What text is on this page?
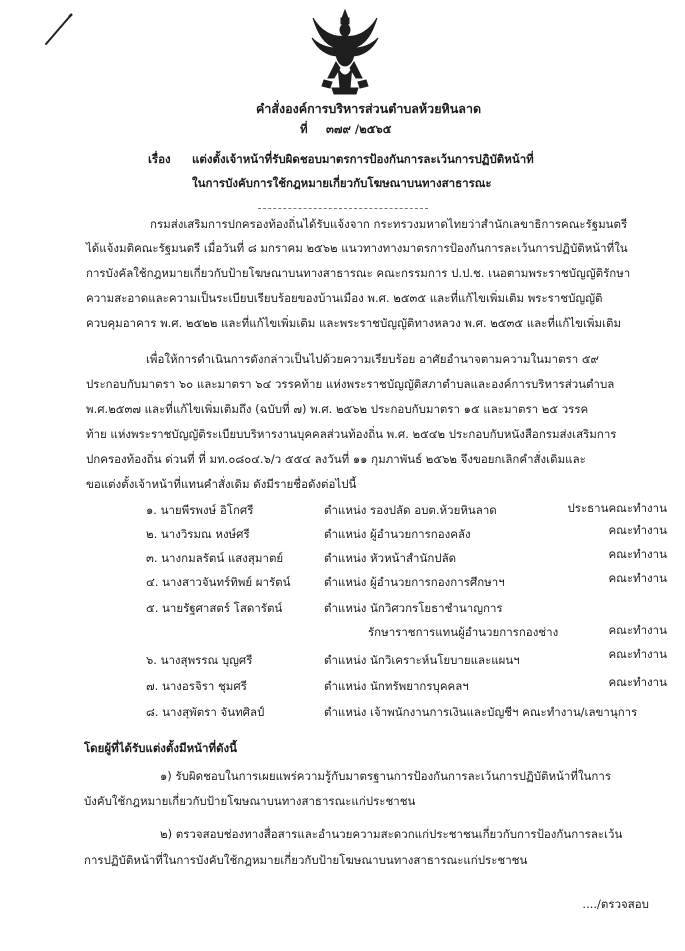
คำสั่งองค์การบริหารส่วนตำบลห้วยหินลาด
ที่ ๓๗๙ /๒๕๖๕
เรื่อง แต่งตั้งเจ้าหน้าที่รับผิดชอบมาตรการป้องกันการละเว้นการปฏิบัติหน้าที่
ในการบังคับการใช้กฎหมายเกี่ยวกับโฆษณาบนทางสาธารณะ
กรมส่งเสริมการปกครองท้องถิ่นได้รับแจ้งจาก กระทรวงมหาดไทยว่าสำนักเลขาธิการคณะรัฐมนตรี
ได้แจ้งมติคณะรัฐมนตรี เมื่อวันที่ ๘ มกราคม ๒๕๖๒ แนวทางทางมาตรการป้องกันการละเว้นการปฏิบัติหน้าที่ใน
การบังคัลใช้กฎหมายเกี่ยวกับป้ายโฆษณาบนทางสาธารณะ คณะกรรมการ ป.ป.ช. เนอตามพระราชบัญญัติรักษา
ความสะอาดและความเป็นระเบียบเรียบร้อยของบ้านเมือง พ.ศ. ๒๕๓๕ และที่แก้ไขเพิ่มเติม พระราชบัญญัติ
ควบคุมอาคาร พ.ศ. ๒๕๒๒ และที่แก้ไขเพิ่มเติม และพระราชบัญญัติทางหลวง พ.ศ. ๒๕๓๕ และที่แก้ไขเพิ่มเติม
เพื่อให้การดำเนินการดังกล่าวเป็นไปด้วยความเรียบร้อย อาศัยอำนาจตามความในมาตรา ๕๙
ประกอบกับมาตรา ๖๐ และมาตรา ๖๔ วรรคท้าย แห่งพระราชบัญญัติสภาตำบลและองค์การบริหารส่วนตำบล
พ.ศ.๒๕๓๗ และที่แก้ไขเพิ่มเติมถึง (ฉบับที่ ๗) พ.ศ. ๒๕๖๒ ประกอบกับมาตรา ๑๕ และมาตรา ๒๕ วรรค
ท้าย แห่งพระราชบัญญัติระเบียบบริหารงานบุคคลส่วนท้องถิ่น พ.ศ. ๒๕๔๒ ประกอบกับหนังสือกรมส่งเสริมการ
ปกครองท้องถิ่น ด่วนที่ ที่ มท.๐๘๐๔.๖/ว ๕๕๔ ลงวันที่ ๑๑ กุมภาพันธ์ ๒๕๖๒ จึงขอยกเลิกคำสั่งเดิมและ
ขอแต่งตั้งเจ้าหน้าที่แทนคำสั่งเดิม ดังมีรายชื่อดังต่อไปนี้
๑. นายพีรพงษ์ อิโกศรี	ตำแหน่ง รองปลัด อบต.ห้วยหินลาด	ประธานคณะทำงาน
๒. นางวิรมณ หงษ์ศรี	ตำแหน่ง ผู้อำนวยการกองคลัง	คณะทำงาน
๓. นางกมลรัตน์ แสงสุมาตย์	ตำแหน่ง หัวหน้าสำนักปลัด	คณะทำงาน
๔. นางสาวจันทร์ทิพย์ ผารัตน์	ตำแหน่ง ผู้อำนวยการกองการศึกษาฯ	คณะทำงาน
๕. นายรัฐศาสตร์ โสดารัตน์	ตำแหน่ง นักวิศวกรโยธาชำนาญการ
รักษาราชการแทนผู้อำนวยการกองช่าง	คณะทำงาน
๖. นางสุพรรณ บุญศรี	ตำแหน่ง นักวิเคราะห์นโยบายและแผนฯ	คณะทำงาน
๗. นางอรจิรา ชุมศรี	ตำแหน่ง นักทรัพยากรบุคคลฯ	คณะทำงาน
๘. นางสุพัตรา จันทศิลป์	ตำแหน่ง เจ้าพนักงานการเงินและบัญชีฯ คณะทำงาน/เลขานุการ
โดยผู้ที่ได้รับแต่งตั้งมีหน้าที่ดังนี้
๑) รับผิดชอบในการเผยแพร่ความรู้กับมาตรฐานการป้องกันการละเว้นการปฏิบัติหน้าที่ในการ
บังคับใช้กฎหมายเกี่ยวกับป้ายโฆษณาบนทางสาธารณะแก่ประชาชน
๒) ตรวจสอบช่องทางสื่อสารและอำนวยความสะดวกแก่ประชาชนเกี่ยวกับการป้องกันการละเว้น
การปฏิบัติหน้าที่ในการบังคับใช้กฎหมายเกี่ยวกับป้ายโฆษณาบนทางสาธารณะแก่ประชาชน
..../ตรวจสอบ
